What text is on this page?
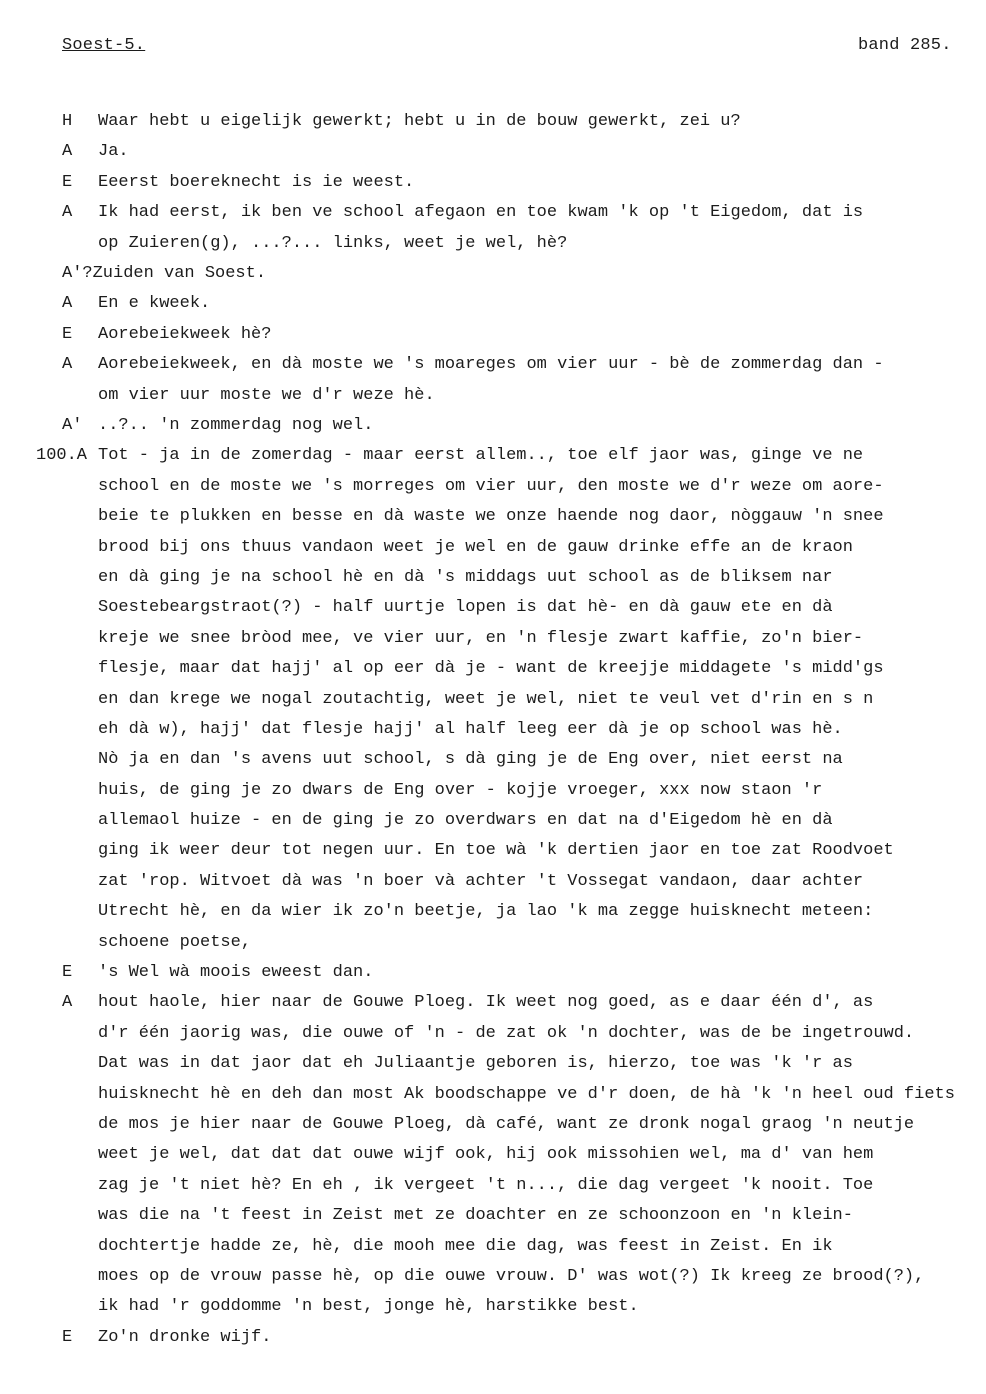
Soest-5.	band 285.
H	Waar hebt u eigelijk gewerkt; hebt u in de bouw gewerkt, zei u?
A	Ja.
E	Eeerst boereknecht is ie weest.
A	Ik had eerst, ik ben ve school afegaon en toe kwam 'k op 't Eigedom, dat is
op Zuieren(g), ...?... links, weet je wel, hè?
A'? Zuiden van Soest.
A	En e kweek.
E	Aorebeiekweek hè?
A	Aorebeiekweek, en dà moste we 's moareges om vier uur - bè de zommerdag dan -
om vier uur moste we d'r weze hè.
A' ..?.. 'n zommerdag nog wel.
100.A Tot - ja in de zomerdag - maar eerst allem.., toe elf jaor was, ginge ve ne
school en de moste we 's morreges om vier uur, den moste we d'r weze om aore-
beie te plukken en besse en dà waste we onze haende nog daor, nòggauw 'n snee
brood bij ons thuus vandaon weet je wel en de gauw drinke effe an de kraon
en dà ging je na school hè en dà 's middags uut school as de bliksem nar
Soestebeargstraot(?) - half uurtje lopen is dat hè- en dà gauw ete en dà
kreje we snee bròod mee, ve vier uur, en 'n flesje zwart kaffie, zo'n bier-
flesje, maar dat hajj' al op eer dà je - want de kreejje middagete 's midd'gs
en dan krege we nogal zoutachtig, weet je wel, niet te veul vet d'rin en s n
eh dà w), hajj' dat flesje hajj' al half leeg eer dà je op school was hè.
Nò ja en dan 's avens uut school, s dà ging je de Eng over, niet eerst na
huis, de ging je zo dwars de Eng over - kojje vroeger, xxx now staon 'r
allemaol huize - en de ging je zo overdwars en dat na d'Eigedom hè en dà
ging ik weer deur tot negen uur. En toe wà 'k dertien jaor en toe zat Roodvoet
zat 'rop. Witvoet dà was 'n boer và achter 't Vossegat vandaon, daar achter
Utrecht hè, en da wier ik zo'n beetje, ja lao 'k ma zegge huisknecht meteen:
schoene poetse,
E	's Wel wà moois eweest dan.
A	hout haole, hier naar de Gouwe Ploeg. Ik weet nog goed, as e daar één d', as
d'r één jaorig was, die ouwe of 'n - de zat ok 'n dochter, was de be ingetrouwd.
Dat was in dat jaor dat eh Juliaantje geboren is, hierzo, toe was 'k 'r as
huisknecht hè en deh dan most Ak boodschappe ve d'r doen, de hà 'k 'n heel oud fiets
de mos je hier naar de Gouwe Ploeg, dà café, want ze dronk nogal graog 'n neutje
weet je wel, dat dat dat ouwe wijf ook, hij ook missohien wel, ma d' van hem
zag je 't niet hè? En eh , ik vergeet 't n..., die dag vergeet 'k nooit. Toe
was die na 't feest in Zeist met ze doachter en ze schoonzoon en 'n klein-
dochtertje hadde ze, hè, die mooh mee die dag, was feest in Zeist. En ik
moes op de vrouw passe hè, op die ouwe vrouw. D' was wot(?) Ik kreeg ze brood(?),
ik had 'r goddomme 'n best, jonge hè, harstikke best.
E	Zo'n dronke wijf.
